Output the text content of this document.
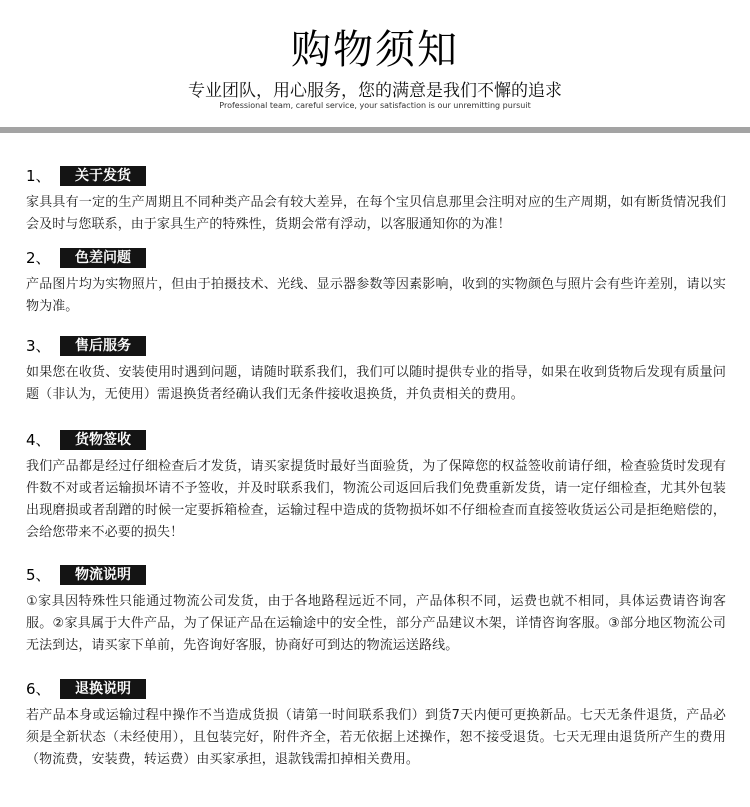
购物须知
专业团队，用心服务，您的满意是我们不懈的追求
Professional team, careful service, your satisfaction is our unremitting pursuit
1、	关于发货
家具具有一定的生产周期且不同种类产品会有较大差异，在每个宝贝信息那里会注明对应的生产周期，如有断货情况我们会及时与您联系，由于家具生产的特殊性，货期会常有浮动，以客服通知你的为准！
2、	色差问题
产品图片均为实物照片，但由于拍摄技术、光线、显示器参数等因素影响，收到的实物颜色与照片会有些许差别，请以实物为准。
3、	售后服务
如果您在收货、安装使用时遇到问题，请随时联系我们，我们可以随时提供专业的指导，如果在收到货物后发现有质量问题（非认为，无使用）需退换货者经确认我们无条件接收退换货，并负责相关的费用。
4、	货物签收
我们产品都是经过仔细检查后才发货，请买家提货时最好当面验货，为了保障您的权益签收前请仔细，检查验货时发现有件数不对或者运输损坏请不予签收，并及时联系我们，物流公司返回后我们免费重新发货，请一定仔细检查，尤其外包装出现磨损或者刮蹭的时候一定要拆箱检查，运输过程中造成的货物损坏如不仔细检查而直接签收货运公司是拒绝赔偿的，会给您带来不必要的损失！
5、	物流说明
①家具因特殊性只能通过物流公司发货，由于各地路程远近不同，产品体积不同，运费也就不相同，具体运费请咨询客服。②家具属于大件产品，为了保证产品在运输途中的安全性，部分产品建议木架，详情咨询客服。③部分地区物流公司无法到达，请买家下单前，先咨询好客服，协商好可到达的物流运送路线。
6、	退换说明
若产品本身或运输过程中操作不当造成货损（请第一时间联系我们）到货7天内便可更换新品。七天无条件退货，产品必须是全新状态（未经使用），且包装完好，附件齐全，若无依据上述操作，恕不接受退货。七天无理由退货所产生的费用（物流费，安装费，转运费）由买家承担，退款钱需扣掉相关费用。
